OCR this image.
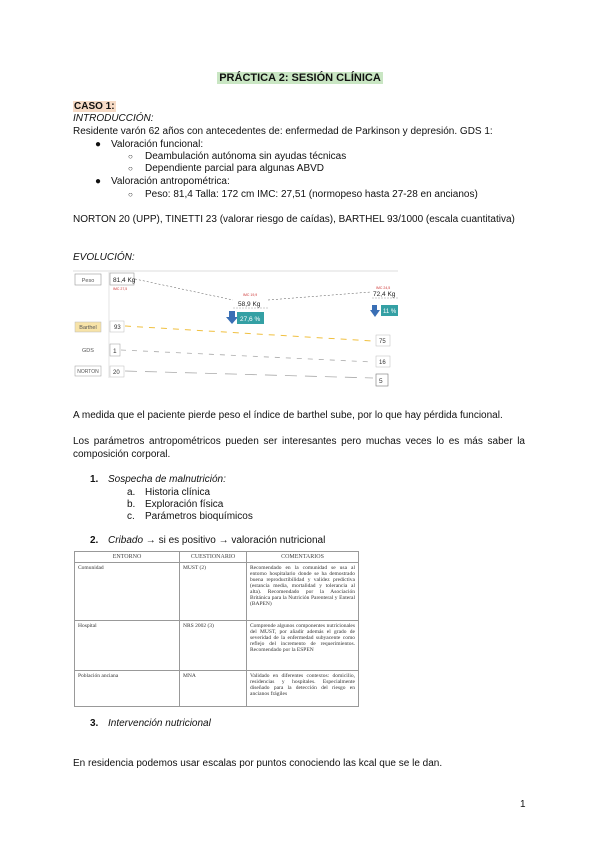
PRÁCTICA 2: SESIÓN CLÍNICA
CASO 1:
INTRODUCCIÓN:
Residente varón 62 años con antecedentes de: enfermedad de Parkinson y depresión. GDS 1:
● Valoración funcional:
○ Deambulación autónoma sin ayudas técnicas
○ Dependiente parcial para algunas ABVD
● Valoración antropométrica:
○ Peso: 81,4 Talla: 172 cm IMC: 27,51 (normopeso hasta 27-28 en ancianos)
NORTON 20 (UPP), TINETTI 23 (valorar riesgo de caídas), BARTHEL 93/1000 (escala cuantitativa)
EVOLUCIÓN:
Peso
Barthel
GDS
NORTON
81,4 Kg
IMC 27,5
93
1
20
IMC 19,9
58,9 Kg
27,6 %
IMC 24,5
72,4 Kg
11 %
75
16
5
A medida que el paciente pierde peso el índice de barthel sube, por lo que hay pérdida funcional.
Los parámetros antropométricos pueden ser interesantes pero muchas veces lo es más saber la composición corporal.
1. Sospecha de malnutrición:
a. Historia clínica
b. Exploración física
c. Parámetros bioquímicos
2. Cribado → si es positivo → valoración nutricional
ENTORNO	CUESTIONARIO	COMENTARIOS
Comunidad	MUST (2)	Recomendado en la comunidad se usa al entorno hospitalario donde se ha demostrado buena reproductibilidad y validez predictiva (estancia media, mortalidad y tolerancia al alta). Recomendado por la Asociación Británica para la Nutrición Parenteral y Enteral (BAPEN)
Hospital	NRS 2002 (3)	Comprende algunos componentes nutricionales del MUST, por añadir además el grado de severidad de la enfermedad subyacente como reflejo del incremento de requerimientos. Recomendado por la ESPEN
Población anciana	MNA	Validado en diferentes contextos: domicilio, residencias y hospitales. Especialmente diseñado para la detección del riesgo en ancianos frágiles
3. Intervención nutricional
En residencia podemos usar escalas por puntos conociendo las kcal que se le dan.
1
